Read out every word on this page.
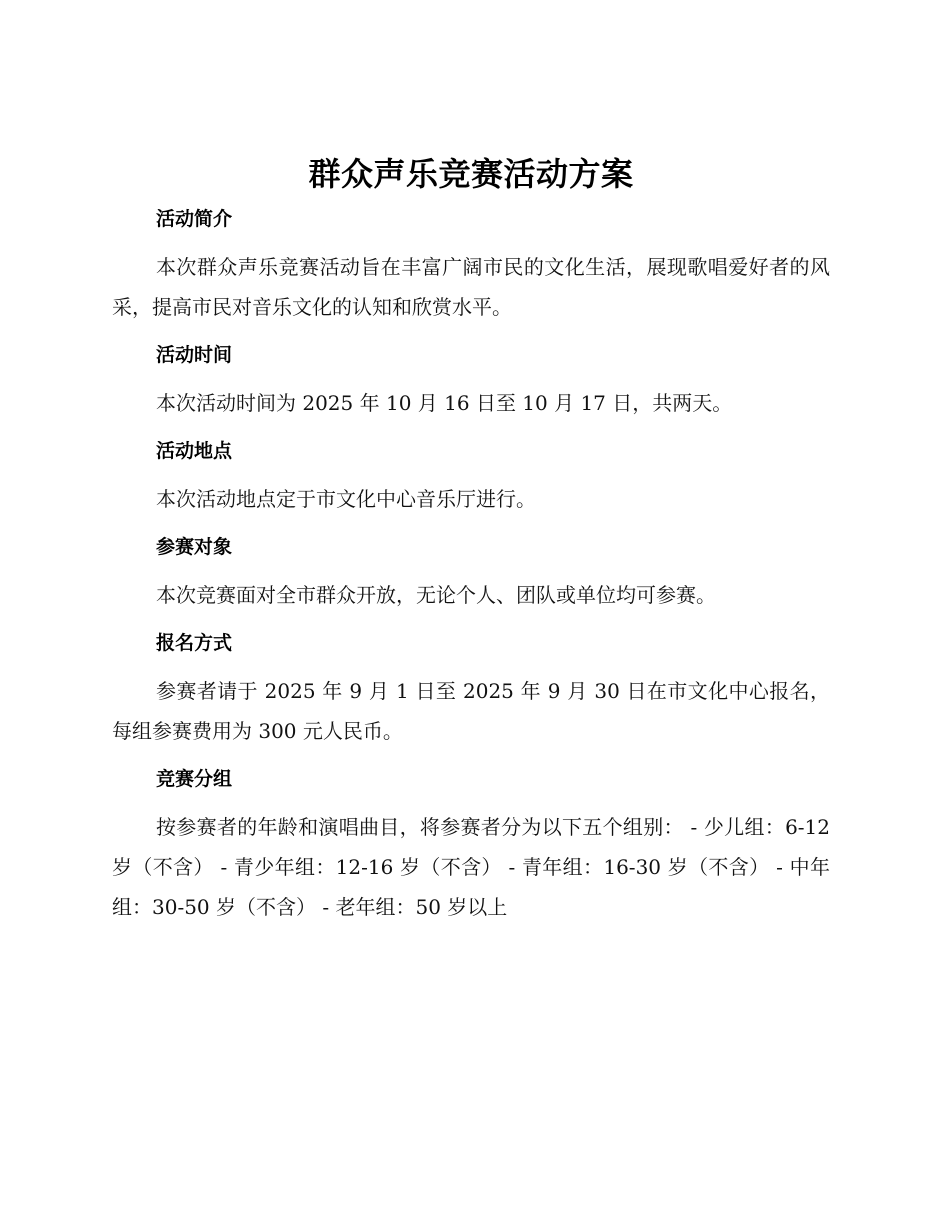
群众声乐竞赛活动方案
活动简介

本次群众声乐竞赛活动旨在丰富广阔市民的文化生活，展现歌唱爱好者的风采，提高市民对音乐文化的认知和欣赏水平。

活动时间

本次活动时间为 2025 年 10 月 16 日至 10 月 17 日，共两天。

活动地点

本次活动地点定于市文化中心音乐厅进行。

参赛对象

本次竞赛面对全市群众开放，无论个人、团队或单位均可参赛。

报名方式

参赛者请于 2025 年 9 月 1 日至 2025 年 9 月 30 日在市文化中心报名，每组参赛费用为 300 元人民币。

竞赛分组

按参赛者的年龄和演唱曲目，将参赛者分为以下五个组别： - 少儿组：6-12 岁（不含） - 青少年组：12-16 岁（不含） - 青年组：16-30 岁（不含） - 中年组：30-50 岁（不含） - 老年组：50 岁以上
